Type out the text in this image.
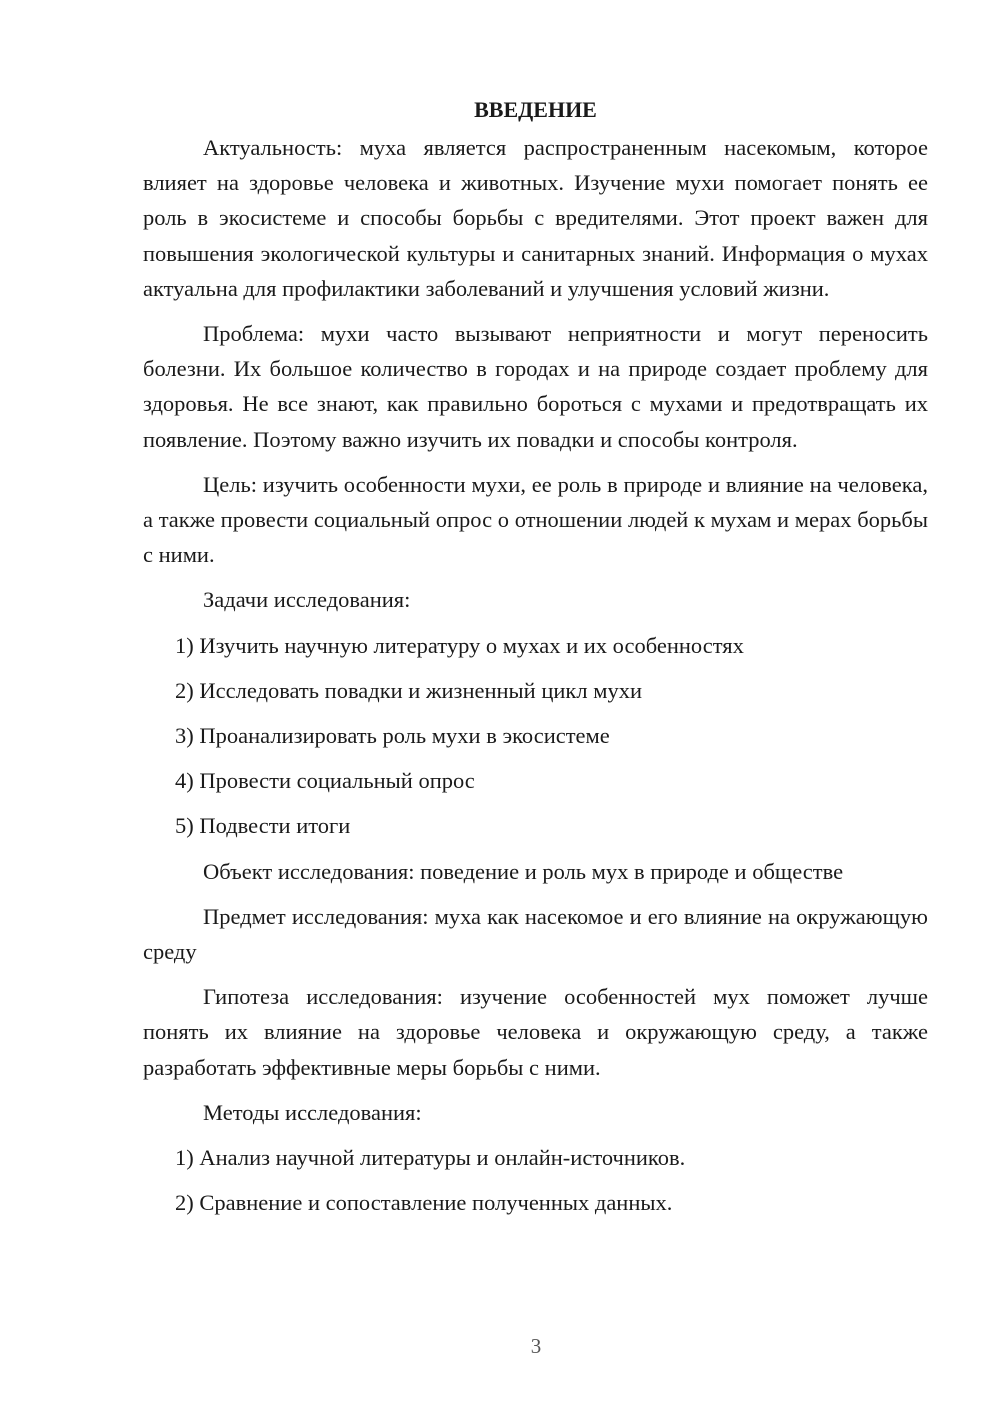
ВВЕДЕНИЕ

Актуальность: муха является распространенным насекомым, которое влияет на здоровье человека и животных. Изучение мухи помогает понять ее роль в экосистеме и способы борьбы с вредителями. Этот проект важен для повышения экологической культуры и санитарных знаний. Информация о мухах актуальна для профилактики заболеваний и улучшения условий жизни.

Проблема: мухи часто вызывают неприятности и могут переносить болезни. Их большое количество в городах и на природе создает проблему для здоровья. Не все знают, как правильно бороться с мухами и предотвращать их появление. Поэтому важно изучить их повадки и способы контроля.

Цель: изучить особенности мухи, ее роль в природе и влияние на человека, а также провести социальный опрос о отношении людей к мухам и мерах борьбы с ними.

Задачи исследования:

1) Изучить научную литературу о мухах и их особенностях

2) Исследовать повадки и жизненный цикл мухи

3) Проанализировать роль мухи в экосистеме

4) Провести социальный опрос

5) Подвести итоги

Объект исследования: поведение и роль мух в природе и обществе

Предмет исследования: муха как насекомое и его влияние на окружающую среду

Гипотеза исследования: изучение особенностей мух поможет лучше понять их влияние на здоровье человека и окружающую среду, а также разработать эффективные меры борьбы с ними.

Методы исследования:

1) Анализ научной литературы и онлайн-источников.

2) Сравнение и сопоставление полученных данных.

3
